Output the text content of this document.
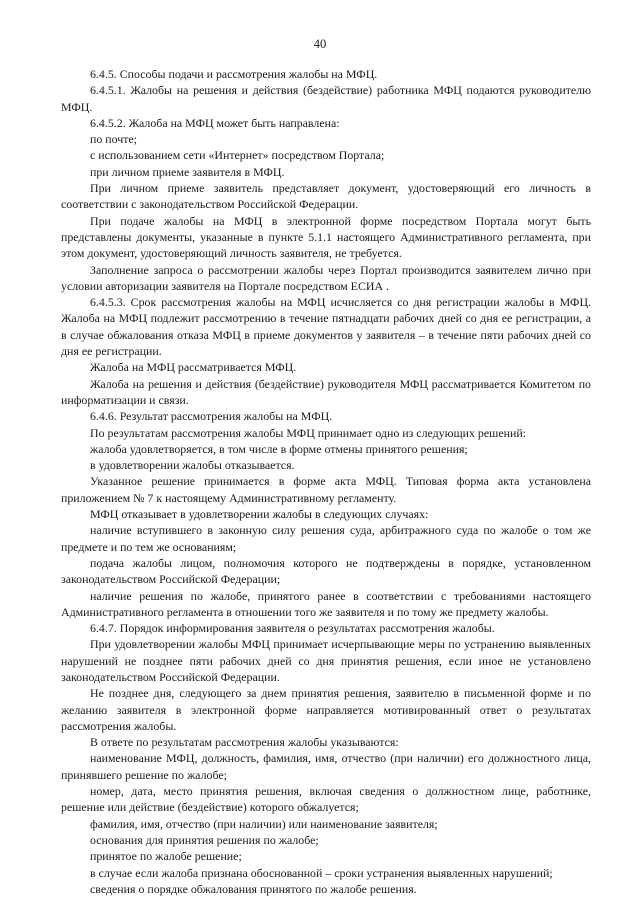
40

6.4.5. Способы подачи и рассмотрения жалобы на МФЦ.

6.4.5.1. Жалобы на решения и действия (бездействие) работника МФЦ подаются руководителю МФЦ.

6.4.5.2. Жалоба на МФЦ может быть направлена:

по почте;

с использованием сети «Интернет» посредством Портала;

при личном приеме заявителя в МФЦ.

При личном приеме заявитель представляет документ, удостоверяющий его личность в соответствии с законодательством Российской Федерации.

При подаче жалобы на МФЦ в электронной форме посредством Портала могут быть представлены документы, указанные в пункте 5.1.1 настоящего Административного регламента, при этом документ, удостоверяющий личность заявителя, не требуется.

Заполнение запроса о рассмотрении жалобы через Портал производится заявителем лично при условии авторизации заявителя на Портале посредством ЕСИА .

6.4.5.3. Срок рассмотрения жалобы на МФЦ исчисляется со дня регистрации жалобы в МФЦ. Жалоба на МФЦ подлежит рассмотрению в течение пятнадцати рабочих дней со дня ее регистрации, а в случае обжалования отказа МФЦ в приеме документов у заявителя – в течение пяти рабочих дней со дня ее регистрации.

Жалоба на МФЦ рассматривается МФЦ.

Жалоба на решения и действия (бездействие) руководителя МФЦ рассматривается Комитетом по информатизации и связи.

6.4.6. Результат рассмотрения жалобы на МФЦ.

По результатам рассмотрения жалобы МФЦ принимает одно из следующих решений:

жалоба удовлетворяется, в том числе в форме отмены принятого решения;

в удовлетворении жалобы отказывается.

Указанное решение принимается в форме акта МФЦ. Типовая форма акта установлена приложением № 7 к настоящему Административному регламенту.

МФЦ отказывает в удовлетворении жалобы в следующих случаях:

наличие вступившего в законную силу решения суда, арбитражного суда по жалобе о том же предмете и по тем же основаниям;

подача жалобы лицом, полномочия которого не подтверждены в порядке, установленном законодательством Российской Федерации;

наличие решения по жалобе, принятого ранее в соответствии с требованиями настоящего Административного регламента в отношении того же заявителя и по тому же предмету жалобы.

6.4.7. Порядок информирования заявителя о результатах рассмотрения жалобы.

При удовлетворении жалобы МФЦ принимает исчерпывающие меры по устранению выявленных нарушений не позднее пяти рабочих дней со дня принятия решения, если иное не установлено законодательством Российской Федерации.

Не позднее дня, следующего за днем принятия решения, заявителю в письменной форме и по желанию заявителя в электронной форме направляется мотивированный ответ о результатах рассмотрения жалобы.

В ответе по результатам рассмотрения жалобы указываются:

наименование МФЦ, должность, фамилия, имя, отчество (при наличии) его должностного лица, принявшего решение по жалобе;

номер, дата, место принятия решения, включая сведения о должностном лице, работнике, решение или действие (бездействие) которого обжалуется;

фамилия, имя, отчество (при наличии) или наименование заявителя;

основания для принятия решения по жалобе;

принятое по жалобе решение;

в случае если жалоба признана обоснованной – сроки устранения выявленных нарушений;

сведения о порядке обжалования принятого по жалобе решения.
